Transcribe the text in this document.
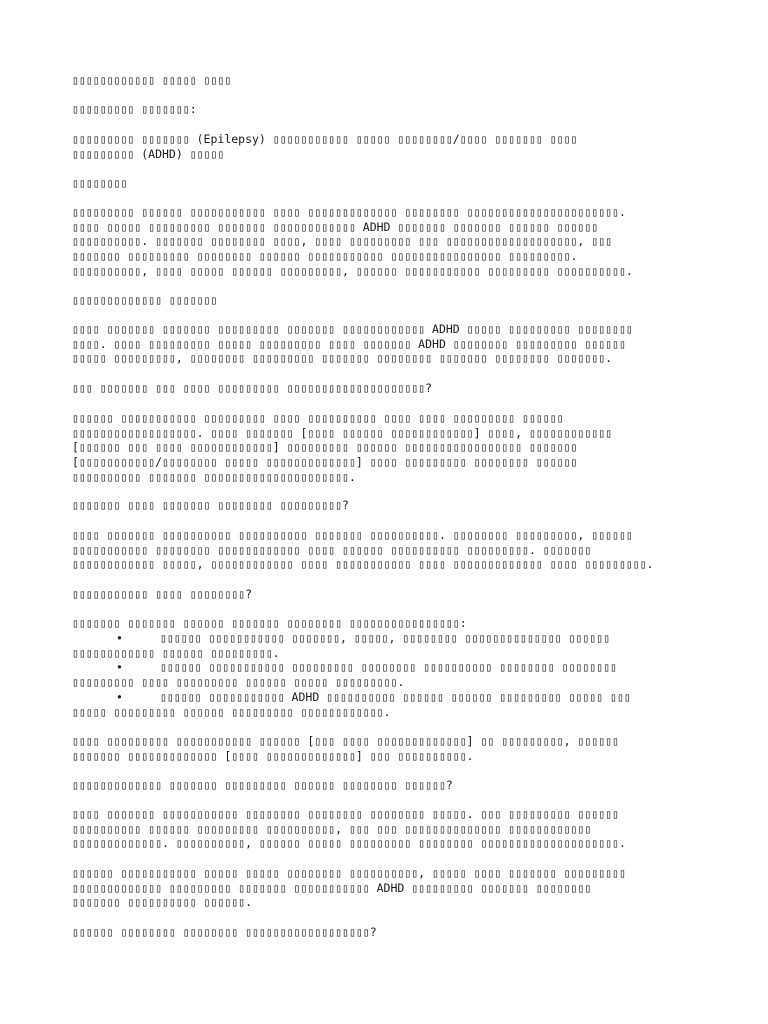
▯▯▯▯▯▯▯▯▯▯▯▯ ▯▯▯▯▯ ▯▯▯▯
▯▯▯▯▯▯▯▯▯ ▯▯▯▯▯▯▯:
▯▯▯▯▯▯▯▯▯ ▯▯▯▯▯▯▯ (Epilepsy) ▯▯▯▯▯▯▯▯▯▯▯ ▯▯▯▯▯ ▯▯▯▯▯▯▯▯/▯▯▯▯ ▯▯▯▯▯▯▯ ▯▯▯▯
▯▯▯▯▯▯▯▯▯ (ADHD) ▯▯▯▯▯
▯▯▯▯▯▯▯▯
▯▯▯▯▯▯▯▯▯ ▯▯▯▯▯▯ ▯▯▯▯▯▯▯▯▯▯▯ ▯▯▯▯ ▯▯▯▯▯▯▯▯▯▯▯▯▯ ▯▯▯▯▯▯▯▯ ▯▯▯▯▯▯▯▯▯▯▯▯▯▯▯▯▯▯▯▯▯▯.
▯▯▯▯ ▯▯▯▯▯ ▯▯▯▯▯▯▯▯▯ ▯▯▯▯▯▯▯ ▯▯▯▯▯▯▯▯▯▯▯▯ ADHD ▯▯▯▯▯▯▯ ▯▯▯▯▯▯▯ ▯▯▯▯▯▯ ▯▯▯▯▯▯
▯▯▯▯▯▯▯▯▯▯. ▯▯▯▯▯▯▯ ▯▯▯▯▯▯▯▯ ▯▯▯▯, ▯▯▯▯ ▯▯▯▯▯▯▯▯▯ ▯▯▯ ▯▯▯▯▯▯▯▯▯▯▯▯▯▯▯▯▯▯▯, ▯▯▯
▯▯▯▯▯▯▯ ▯▯▯▯▯▯▯▯▯ ▯▯▯▯▯▯▯▯ ▯▯▯▯▯▯ ▯▯▯▯▯▯▯▯▯▯▯ ▯▯▯▯▯▯▯▯▯▯▯▯▯▯▯▯ ▯▯▯▯▯▯▯▯▯.
▯▯▯▯▯▯▯▯▯▯, ▯▯▯▯ ▯▯▯▯▯ ▯▯▯▯▯▯ ▯▯▯▯▯▯▯▯▯, ▯▯▯▯▯▯ ▯▯▯▯▯▯▯▯▯▯▯ ▯▯▯▯▯▯▯▯▯ ▯▯▯▯▯▯▯▯▯▯.
▯▯▯▯▯▯▯▯▯▯▯▯▯ ▯▯▯▯▯▯▯
▯▯▯▯ ▯▯▯▯▯▯▯ ▯▯▯▯▯▯▯ ▯▯▯▯▯▯▯▯▯ ▯▯▯▯▯▯▯ ▯▯▯▯▯▯▯▯▯▯▯▯ ADHD ▯▯▯▯▯ ▯▯▯▯▯▯▯▯▯ ▯▯▯▯▯▯▯▯
▯▯▯▯. ▯▯▯▯ ▯▯▯▯▯▯▯▯▯ ▯▯▯▯▯ ▯▯▯▯▯▯▯▯▯ ▯▯▯▯ ▯▯▯▯▯▯▯ ADHD ▯▯▯▯▯▯▯▯ ▯▯▯▯▯▯▯▯▯ ▯▯▯▯▯▯
▯▯▯▯▯ ▯▯▯▯▯▯▯▯▯, ▯▯▯▯▯▯▯▯ ▯▯▯▯▯▯▯▯▯ ▯▯▯▯▯▯▯ ▯▯▯▯▯▯▯▯ ▯▯▯▯▯▯▯ ▯▯▯▯▯▯▯▯ ▯▯▯▯▯▯▯.
▯▯▯ ▯▯▯▯▯▯▯ ▯▯▯ ▯▯▯▯ ▯▯▯▯▯▯▯▯▯ ▯▯▯▯▯▯▯▯▯▯▯▯▯▯▯▯▯▯▯▯?
▯▯▯▯▯▯ ▯▯▯▯▯▯▯▯▯▯▯ ▯▯▯▯▯▯▯▯▯ ▯▯▯▯ ▯▯▯▯▯▯▯▯▯▯ ▯▯▯▯ ▯▯▯▯ ▯▯▯▯▯▯▯▯▯ ▯▯▯▯▯▯
▯▯▯▯▯▯▯▯▯▯▯▯▯▯▯▯▯▯. ▯▯▯▯ ▯▯▯▯▯▯▯ [▯▯▯▯ ▯▯▯▯▯▯ ▯▯▯▯▯▯▯▯▯▯▯▯] ▯▯▯▯, ▯▯▯▯▯▯▯▯▯▯▯▯
[▯▯▯▯▯▯ ▯▯▯ ▯▯▯▯ ▯▯▯▯▯▯▯▯▯▯▯▯] ▯▯▯▯▯▯▯▯▯ ▯▯▯▯▯▯ ▯▯▯▯▯▯▯▯▯▯▯▯▯▯▯▯▯ ▯▯▯▯▯▯▯
[▯▯▯▯▯▯▯▯▯▯▯/▯▯▯▯▯▯▯▯ ▯▯▯▯▯ ▯▯▯▯▯▯▯▯▯▯▯▯▯] ▯▯▯▯ ▯▯▯▯▯▯▯▯▯ ▯▯▯▯▯▯▯▯ ▯▯▯▯▯▯
▯▯▯▯▯▯▯▯▯▯ ▯▯▯▯▯▯▯ ▯▯▯▯▯▯▯▯▯▯▯▯▯▯▯▯▯▯▯▯▯.
▯▯▯▯▯▯▯ ▯▯▯▯ ▯▯▯▯▯▯▯ ▯▯▯▯▯▯▯▯ ▯▯▯▯▯▯▯▯▯?
▯▯▯▯ ▯▯▯▯▯▯▯ ▯▯▯▯▯▯▯▯▯▯ ▯▯▯▯▯▯▯▯▯▯ ▯▯▯▯▯▯▯ ▯▯▯▯▯▯▯▯▯▯. ▯▯▯▯▯▯▯▯ ▯▯▯▯▯▯▯▯▯, ▯▯▯▯▯▯
▯▯▯▯▯▯▯▯▯▯▯ ▯▯▯▯▯▯▯▯ ▯▯▯▯▯▯▯▯▯▯▯▯ ▯▯▯▯ ▯▯▯▯▯▯ ▯▯▯▯▯▯▯▯▯▯ ▯▯▯▯▯▯▯▯▯. ▯▯▯▯▯▯▯
▯▯▯▯▯▯▯▯▯▯▯▯ ▯▯▯▯▯, ▯▯▯▯▯▯▯▯▯▯▯▯ ▯▯▯▯ ▯▯▯▯▯▯▯▯▯▯▯ ▯▯▯▯ ▯▯▯▯▯▯▯▯▯▯▯▯▯ ▯▯▯▯ ▯▯▯▯▯▯▯▯▯.
▯▯▯▯▯▯▯▯▯▯▯ ▯▯▯▯ ▯▯▯▯▯▯▯▯?
▯▯▯▯▯▯▯ ▯▯▯▯▯▯▯ ▯▯▯▯▯▯ ▯▯▯▯▯▯▯ ▯▯▯▯▯▯▯▯ ▯▯▯▯▯▯▯▯▯▯▯▯▯▯▯▯:
•	▯▯▯▯▯▯ ▯▯▯▯▯▯▯▯▯▯▯ ▯▯▯▯▯▯▯, ▯▯▯▯▯, ▯▯▯▯▯▯▯▯ ▯▯▯▯▯▯▯▯▯▯▯▯▯▯ ▯▯▯▯▯▯
▯▯▯▯▯▯▯▯▯▯▯▯ ▯▯▯▯▯▯ ▯▯▯▯▯▯▯▯▯.
•	▯▯▯▯▯▯ ▯▯▯▯▯▯▯▯▯▯▯ ▯▯▯▯▯▯▯▯▯ ▯▯▯▯▯▯▯▯ ▯▯▯▯▯▯▯▯▯▯ ▯▯▯▯▯▯▯▯ ▯▯▯▯▯▯▯▯
▯▯▯▯▯▯▯▯▯ ▯▯▯▯ ▯▯▯▯▯▯▯▯▯ ▯▯▯▯▯▯ ▯▯▯▯▯ ▯▯▯▯▯▯▯▯▯.
•	▯▯▯▯▯▯ ▯▯▯▯▯▯▯▯▯▯▯ ADHD ▯▯▯▯▯▯▯▯▯▯ ▯▯▯▯▯▯ ▯▯▯▯▯▯ ▯▯▯▯▯▯▯▯▯ ▯▯▯▯▯ ▯▯▯
▯▯▯▯▯ ▯▯▯▯▯▯▯▯▯ ▯▯▯▯▯▯ ▯▯▯▯▯▯▯▯▯ ▯▯▯▯▯▯▯▯▯▯▯▯.
▯▯▯▯ ▯▯▯▯▯▯▯▯▯ ▯▯▯▯▯▯▯▯▯▯▯ ▯▯▯▯▯▯ [▯▯▯ ▯▯▯▯ ▯▯▯▯▯▯▯▯▯▯▯▯▯] ▯▯ ▯▯▯▯▯▯▯▯▯, ▯▯▯▯▯▯
▯▯▯▯▯▯▯ ▯▯▯▯▯▯▯▯▯▯▯▯▯ [▯▯▯▯ ▯▯▯▯▯▯▯▯▯▯▯▯▯] ▯▯▯ ▯▯▯▯▯▯▯▯▯▯.
▯▯▯▯▯▯▯▯▯▯▯▯▯ ▯▯▯▯▯▯▯ ▯▯▯▯▯▯▯▯▯ ▯▯▯▯▯▯ ▯▯▯▯▯▯▯▯ ▯▯▯▯▯▯?
▯▯▯▯ ▯▯▯▯▯▯▯ ▯▯▯▯▯▯▯▯▯▯▯ ▯▯▯▯▯▯▯▯ ▯▯▯▯▯▯▯▯ ▯▯▯▯▯▯▯▯ ▯▯▯▯▯. ▯▯▯ ▯▯▯▯▯▯▯▯▯ ▯▯▯▯▯▯
▯▯▯▯▯▯▯▯▯▯ ▯▯▯▯▯▯ ▯▯▯▯▯▯▯▯▯ ▯▯▯▯▯▯▯▯▯▯, ▯▯▯ ▯▯▯ ▯▯▯▯▯▯▯▯▯▯▯▯▯▯ ▯▯▯▯▯▯▯▯▯▯▯▯
▯▯▯▯▯▯▯▯▯▯▯▯▯. ▯▯▯▯▯▯▯▯▯▯, ▯▯▯▯▯▯ ▯▯▯▯▯ ▯▯▯▯▯▯▯▯▯ ▯▯▯▯▯▯▯▯ ▯▯▯▯▯▯▯▯▯▯▯▯▯▯▯▯▯▯▯▯.
▯▯▯▯▯▯ ▯▯▯▯▯▯▯▯▯▯▯ ▯▯▯▯▯ ▯▯▯▯▯ ▯▯▯▯▯▯▯▯ ▯▯▯▯▯▯▯▯▯▯, ▯▯▯▯▯ ▯▯▯▯ ▯▯▯▯▯▯▯ ▯▯▯▯▯▯▯▯▯
▯▯▯▯▯▯▯▯▯▯▯▯▯ ▯▯▯▯▯▯▯▯▯ ▯▯▯▯▯▯▯ ▯▯▯▯▯▯▯▯▯▯▯ ADHD ▯▯▯▯▯▯▯▯▯ ▯▯▯▯▯▯▯ ▯▯▯▯▯▯▯▯
▯▯▯▯▯▯▯ ▯▯▯▯▯▯▯▯▯▯ ▯▯▯▯▯▯.
▯▯▯▯▯▯ ▯▯▯▯▯▯▯▯ ▯▯▯▯▯▯▯▯ ▯▯▯▯▯▯▯▯▯▯▯▯▯▯▯▯▯▯?
